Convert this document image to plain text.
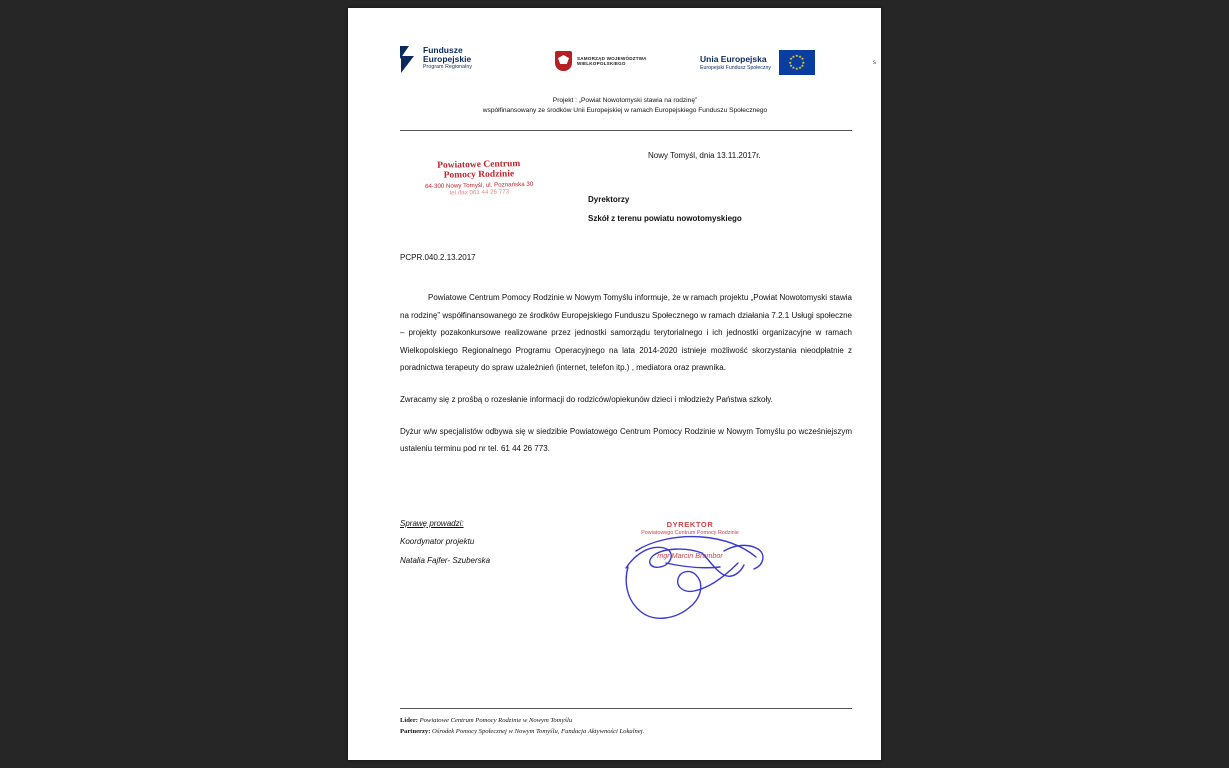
Fundusze
Europejskie
Program Regionalny
SAMORZĄD WOJEWÓDZTWA
WIELKOPOLSKIEGO	Unia Europejska
Europejski Fundusz Społeczny
★ ★
★
★
★
★
★
★
★
★
★
★
Projekt : „Powiat Nowotomyski stawia na rodzinę”
współfinansowany ze środków Unii Europejskiej w ramach Europejskiego Funduszu Społecznego
Powiatowe Centrum
Pomocy Rodzinie
64-300 Nowy Tomyśl, ul. Poznańska 30
tel./fax 061 44 26 773
Nowy Tomyśl, dnia 13.11.2017r.
Dyrektorzy
Szkół z terenu powiatu nowotomyskiego
PCPR.040.2.13.2017

Powiatowe Centrum Pomocy Rodzinie w Nowym Tomyślu informuje, że w ramach projektu „Powiat Nowotomyski stawia na rodzinę” współfinansowanego ze środków Europejskiego Funduszu Społecznego w ramach działania 7.2.1 Usługi społeczne – projekty pozakonkursowe realizowane przez jednostki samorządu terytorialnego i ich jednostki organizacyjne w ramach Wielkopolskiego Regionalnego Programu Operacyjnego na lata 2014-2020 istnieje możliwość skorzystania nieodpłatnie z poradnictwa terapeuty do spraw uzależnień (internet, telefon itp.) , mediatora oraz prawnika.

Zwracamy się z prośbą o rozesłanie informacji do rodziców/opiekunów dzieci i młodzieży Państwa szkoły.

Dyżur w/w specjalistów odbywa się w siedzibie Powiatowego Centrum Pomocy Rodzinie w Nowym Tomyślu po wcześniejszym ustaleniu terminu pod nr tel. 61 44 26 773.

Sprawę prowadzi:
Koordynator projektu
Natalia Fajfer- Szuberska
DYREKTOR
Powiatowego Centrum Pomocy Rodzinie
mgr Marcin Brambor
Lider: Powiatowe Centrum Pomocy Rodzinie w Nowym Tomyślu
Partnerzy: Ośrodek Pomocy Społecznej w Nowym Tomyślu, Fundacja Aktywności Lokalnej.
s
